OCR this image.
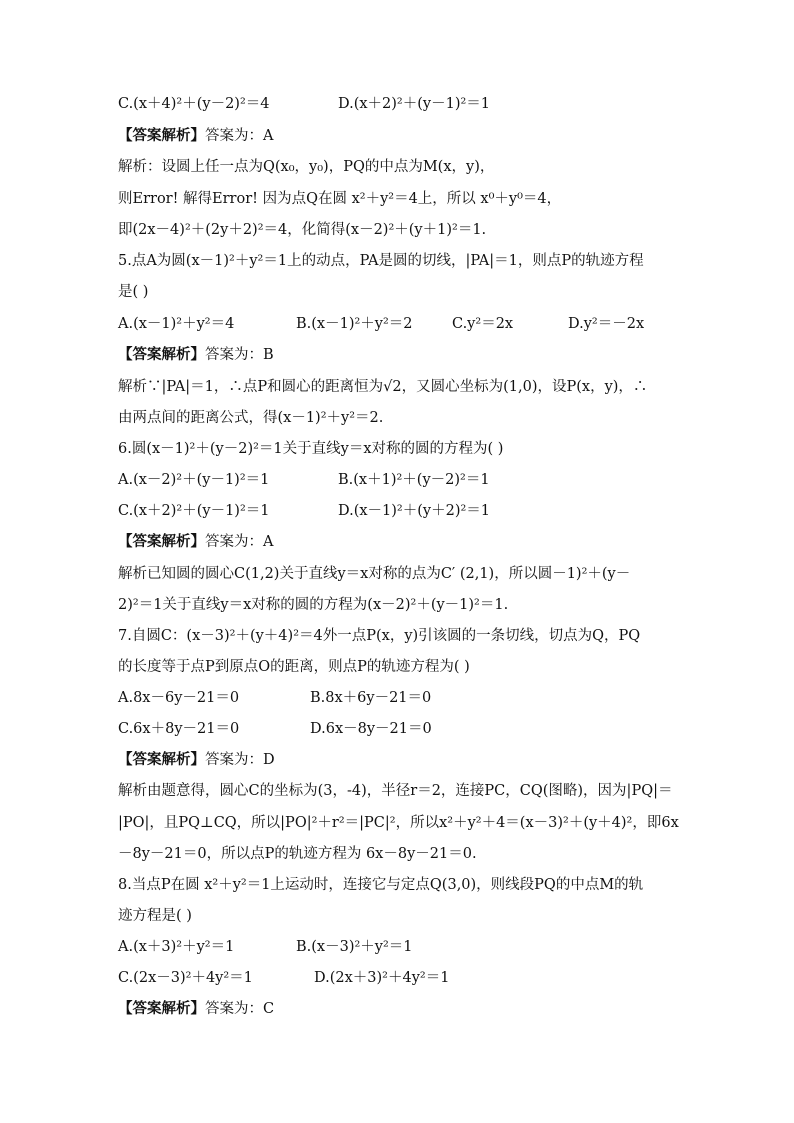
C.(x＋4)²＋(y－2)²＝4	D.(x＋2)²＋(y－1)²＝1
【答案解析】答案为：A
解析：设圆上任一点为Q(x₀，y₀)，PQ的中点为M(x，y)，
则Error! 解得Error! 因为点Q在圆 x²＋y²＝4上，所以 x⁰＋y⁰＝4，
即(2x－4)²＋(2y＋2)²＝4，化简得(x－2)²＋(y＋1)²＝1.
5.点A为圆(x－1)²＋y²＝1上的动点，PA是圆的切线，|PA|＝1，则点P的轨迹方程
是( )
A.(x－1)²＋y²＝4	B.(x－1)²＋y²＝2	C.y²＝2x	D.y²＝－2x
【答案解析】答案为：B
解析∵|PA|＝1，∴点P和圆心的距离恒为√2，又圆心坐标为(1,0)，设P(x，y)，∴
由两点间的距离公式，得(x－1)²＋y²＝2.
6.圆(x－1)²＋(y－2)²＝1关于直线y＝x对称的圆的方程为( )
A.(x－2)²＋(y－1)²＝1	B.(x＋1)²＋(y－2)²＝1
C.(x＋2)²＋(y－1)²＝1	D.(x－1)²＋(y＋2)²＝1
【答案解析】答案为：A
解析已知圆的圆心C(1,2)关于直线y＝x对称的点为C′ (2,1)，所以圆－1)²＋(y－
2)²＝1关于直线y＝x对称的圆的方程为(x－2)²＋(y－1)²＝1.
7.自圆C：(x－3)²＋(y＋4)²＝4外一点P(x，y)引该圆的一条切线，切点为Q，PQ
的长度等于点P到原点O的距离，则点P的轨迹方程为( )
A.8x－6y－21＝0	B.8x＋6y－21＝0
C.6x＋8y－21＝0	D.6x－8y－21＝0
【答案解析】答案为：D
解析由题意得，圆心C的坐标为(3，-4)，半径r＝2，连接PC，CQ(图略)，因为|PQ|＝
|PO|，且PQ⊥CQ，所以|PO|²＋r²＝|PC|²，所以x²＋y²＋4＝(x－3)²＋(y＋4)²，即6x
－8y－21＝0，所以点P的轨迹方程为 6x－8y－21＝0.
8.当点P在圆 x²＋y²＝1上运动时，连接它与定点Q(3,0)，则线段PQ的中点M的轨
迹方程是( )
A.(x＋3)²＋y²＝1	B.(x－3)²＋y²＝1
C.(2x－3)²＋4y²＝1	D.(2x＋3)²＋4y²＝1
【答案解析】答案为：C
